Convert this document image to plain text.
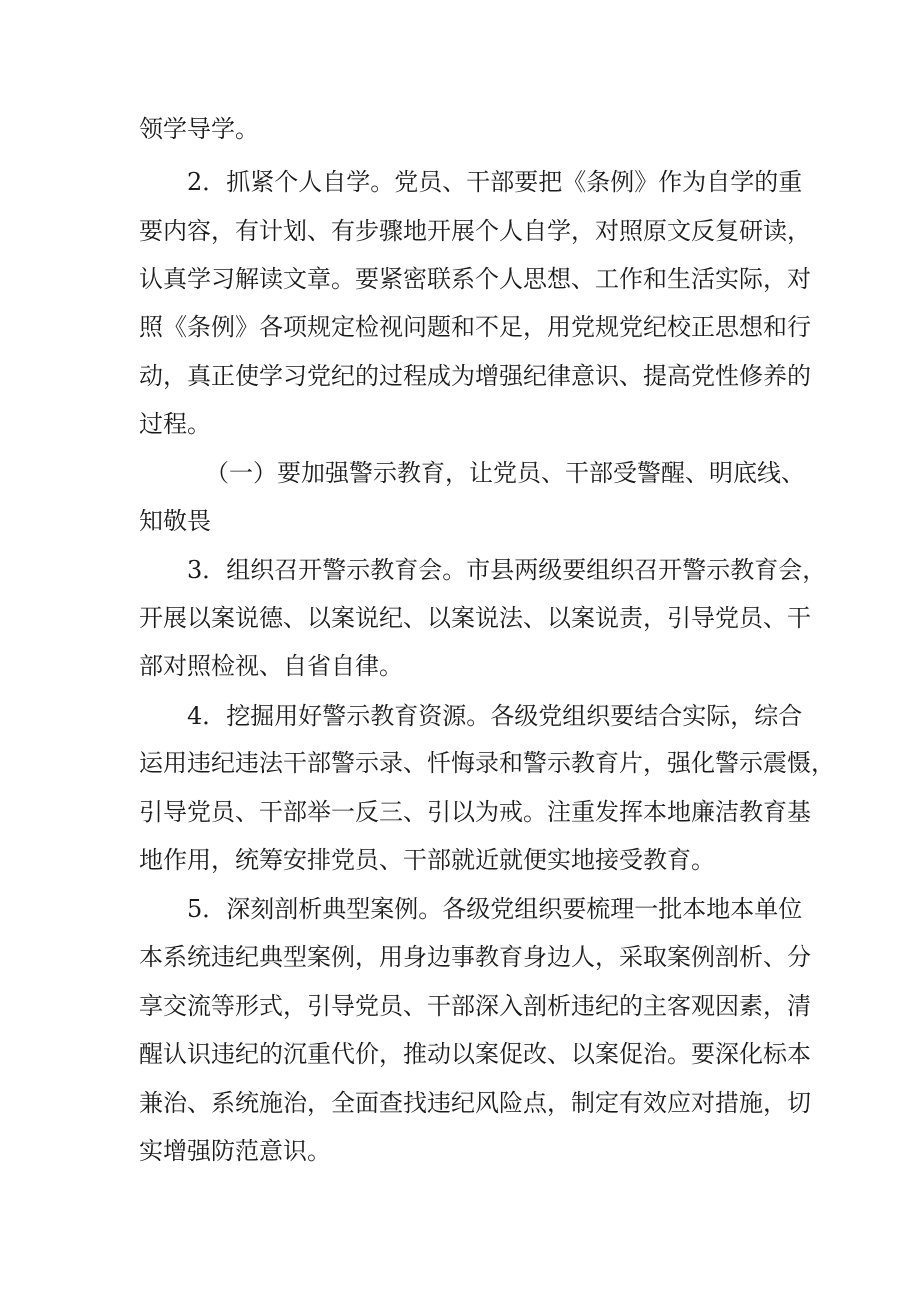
领学导学。
2．抓紧个人自学。党员、干部要把《条例》作为自学的重
要内容，有计划、有步骤地开展个人自学，对照原文反复研读，
认真学习解读文章。要紧密联系个人思想、工作和生活实际，对
照《条例》各项规定检视问题和不足，用党规党纪校正思想和行
动，真正使学习党纪的过程成为增强纪律意识、提高党性修养的
过程。
（一）要加强警示教育，让党员、干部受警醒、明底线、
知敬畏
3．组织召开警示教育会。市县两级要组织召开警示教育会，
开展以案说德、以案说纪、以案说法、以案说责，引导党员、干
部对照检视、自省自律。
4．挖掘用好警示教育资源。各级党组织要结合实际，综合
运用违纪违法干部警示录、忏悔录和警示教育片，强化警示震慑，
引导党员、干部举一反三、引以为戒。注重发挥本地廉洁教育基
地作用，统筹安排党员、干部就近就便实地接受教育。
5．深刻剖析典型案例。各级党组织要梳理一批本地本单位
本系统违纪典型案例，用身边事教育身边人，采取案例剖析、分
享交流等形式，引导党员、干部深入剖析违纪的主客观因素，清
醒认识违纪的沉重代价，推动以案促改、以案促治。要深化标本
兼治、系统施治，全面查找违纪风险点，制定有效应对措施，切
实增强防范意识。
